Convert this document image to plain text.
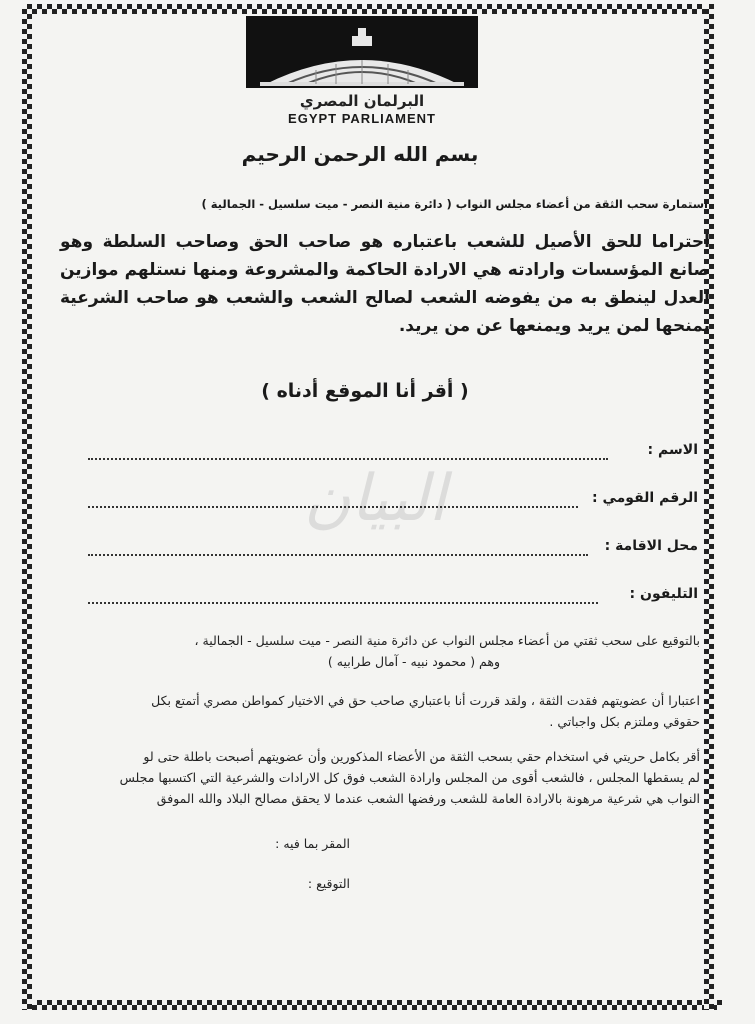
البرلمان المصري
EGYPT PARLIAMENT
بسم الله الرحمن الرحيم
استمارة سحب الثقة من أعضاء مجلس النواب ( دائرة منية النصر - ميت سلسيل - الجمالية )
احتراما للحق الأصيل للشعب باعتباره هو صاحب الحق وصاحب السلطة وهو صانع المؤسسات وارادته هي الارادة الحاكمة والمشروعة ومنها نستلهم موازين العدل لينطق به من يفوضه الشعب لصالح الشعب والشعب هو صاحب الشرعية يمنحها لمن يريد ويمنعها عن من يريد.
( أقر أنا الموقع أدناه )
البيان
الاسم :
الرقم القومي :
محل الاقامة :
التليفون :
بالتوقيع على سحب ثقتي من أعضاء مجلس النواب عن دائرة منية النصر - ميت سلسيل - الجمالية ،
وهم ( محمود نبيه - آمال طرابيه )
اعتبارا أن عضويتهم فقدت الثقة ، ولقد قررت أنا باعتباري صاحب حق في الاختيار كمواطن مصري أتمتع بكل
حقوقي وملتزم بكل واجباتي .
أقر بكامل حريتي في استخدام حقي بسحب الثقة من الأعضاء المذكورين وأن عضويتهم أصبحت باطلة حتى لو
لم يسقطها المجلس ، فالشعب أقوى من المجلس وارادة الشعب فوق كل الارادات والشرعية التي اكتسبها مجلس
النواب هي شرعية مرهونة بالارادة العامة للشعب ورفضها الشعب عندما لا يحقق مصالح البلاد والله الموفق
المقر بما فيه :
التوقيع :
